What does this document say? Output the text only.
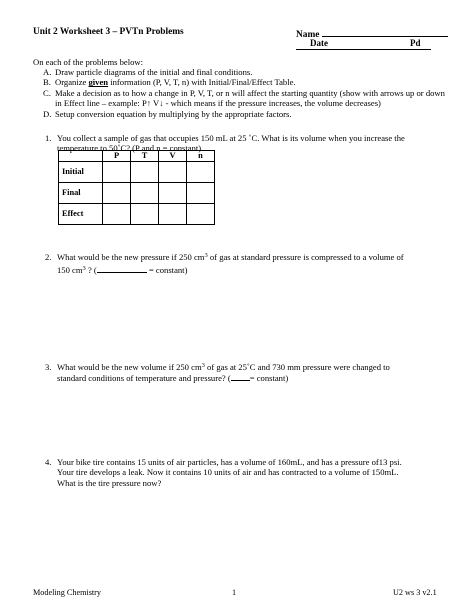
Unit 2 Worksheet 3 – PVTn Problems	Name
Date	Pd
On each of the problems below:
A. Draw particle diagrams of the initial and final conditions.
B. Organize given information (P, V, T, n) with Initial/Final/Effect Table.
C. Make a decision as to how a change in P, V, T, or n will affect the starting quantity (show with arrows up or down in Effect line – example: P↑ V↓ - which means if the pressure increases, the volume decreases)
D. Setup conversion equation by multiplying by the appropriate factors.
1. You collect a sample of gas that occupies 150 mL at 25 ˚C. What is its volume when you increase the
temperature to 50˚C? (P and n = constant)
	P	T	V	n
Initial				
Final				
Effect				
2. What would be the new pressure if 250 $cm^3$ of gas at standard pressure is compressed to a volume of
150 $cm^3$ ? (	= constant)
3. What would be the new volume if 250 $cm^3$ of gas at 25˚C and 730 mm pressure were changed to
standard conditions of temperature and pressure? ( = constant)
4. Your bike tire contains 15 units of air particles, has a volume of 160mL, and has a pressure of13 psi.
Your tire develops a leak. Now it contains 10 units of air and has contracted to a volume of 150mL.
What is the tire pressure now?
Modeling Chemistry	1	U2 ws 3 v2.1
